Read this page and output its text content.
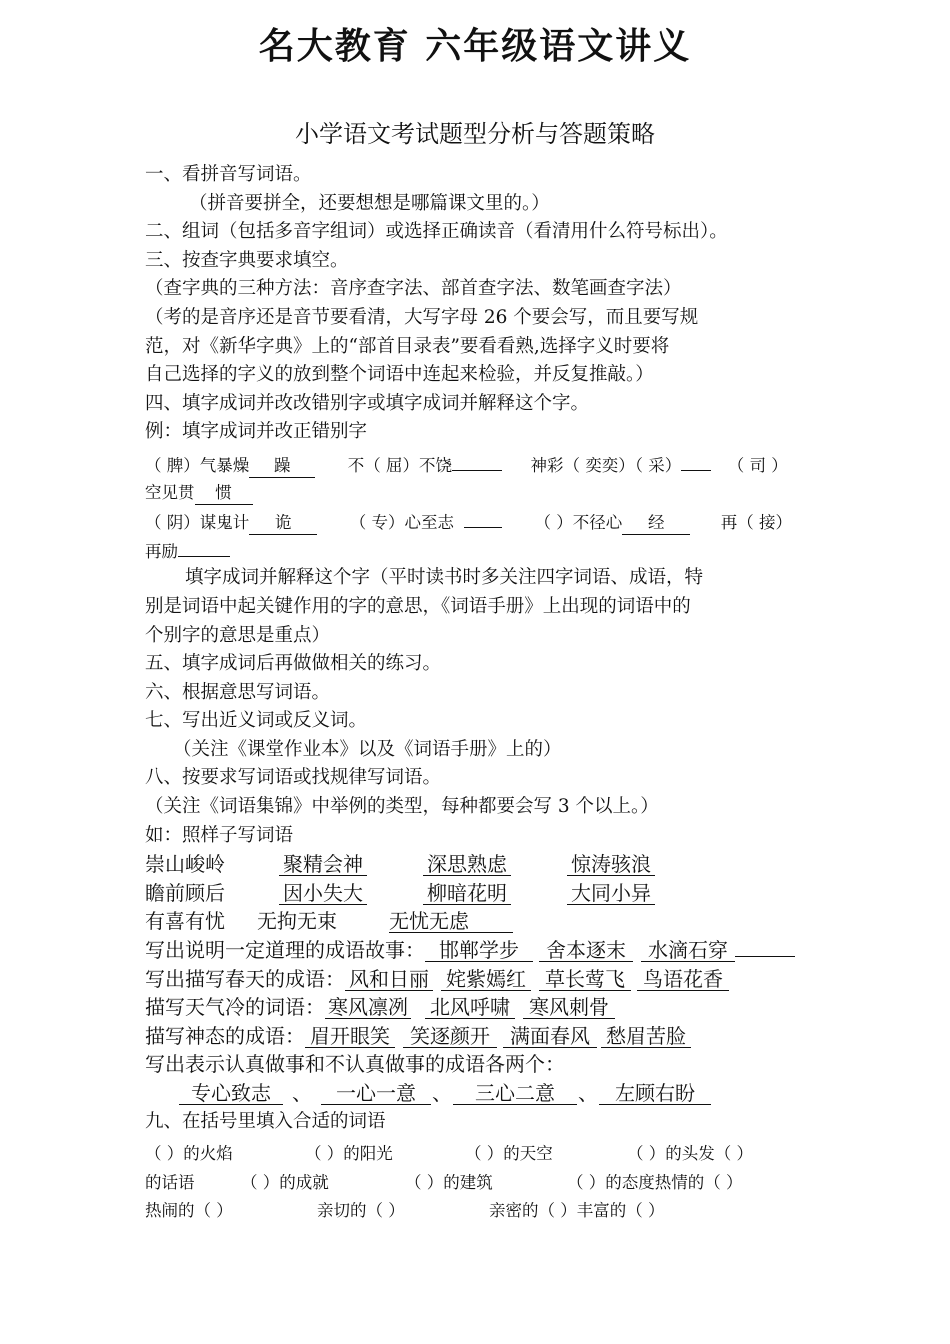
名大教育 六年级语文讲义
小学语文考试题型分析与答题策略
一、看拼音写词语。
（拼音要拼全，还要想想是哪篇课文里的。）
二、组词（包括多音字组词）或选择正确读音（看清用什么符号标出）。
三、按查字典要求填空。
（查字典的三种方法：音序查字法、部首查字法、数笔画查字法）
（考的是音序还是音节要看清，大写字母 26 个要会写，而且要写规
范，对《新华字典》上的“部首目录表”要看看熟,选择字义时要将
自己选择的字义的放到整个词语中连起来检验，并反复推敲。）
四、填字成词并改改错别字或填字成词并解释这个字。
例：填字成词并改正错别字
（ 脾）气暴燥 躁	不（ 屈）不饶	神彩（ 奕奕）（ 采）	（ 司 ）
空见贯 惯
（ 阴）谋鬼计 诡	（ 专）心至志	（ ）不径心 经	再（ 接）
再励
填字成词并解释这个字（平时读书时多关注四字词语、成语，特
别是词语中起关键作用的字的意思，《词语手册》上出现的词语中的
个别字的意思是重点）
五、填字成词后再做做相关的练习。
六、根据意思写词语。
七、写出近义词或反义词。
（关注《课堂作业本》以及《词语手册》上的）
八、按要求写词语或找规律写词语。
（关注《词语集锦》中举例的类型，每种都要会写 3 个以上。）
如：照样子写词语
崇山峻岭	聚精会神	深思熟虑	惊涛骇浪
瞻前顾后	因小失大	柳暗花明	大同小异
有喜有忧 无拘无束	无忧无虑
写出说明一定道理的成语故事： 邯郸学步 舍本逐末 水滴石穿
写出描写春天的成语： 风和日丽 姹紫嫣红 草长莺飞 鸟语花香
描写天气冷的词语： 寒风凛冽 北风呼啸 寒风刺骨
描写神态的成语： 眉开眼笑 笑逐颜开 满面春风 愁眉苦脸
写出表示认真做事和不认真做事的成语各两个：
专心致志 、 一心一意 、 三心二意 、 左顾右盼
九、在括号里填入合适的词语
（ ）的火焰	（ ）的阳光	（ ）的天空	（ ）的头发（ ）
的话语	（ ）的成就	（ ）的建筑	（ ）的态度热情的（ ）
热闹的（ ）	亲切的（ ）	亲密的（ ）丰富的（ ）
